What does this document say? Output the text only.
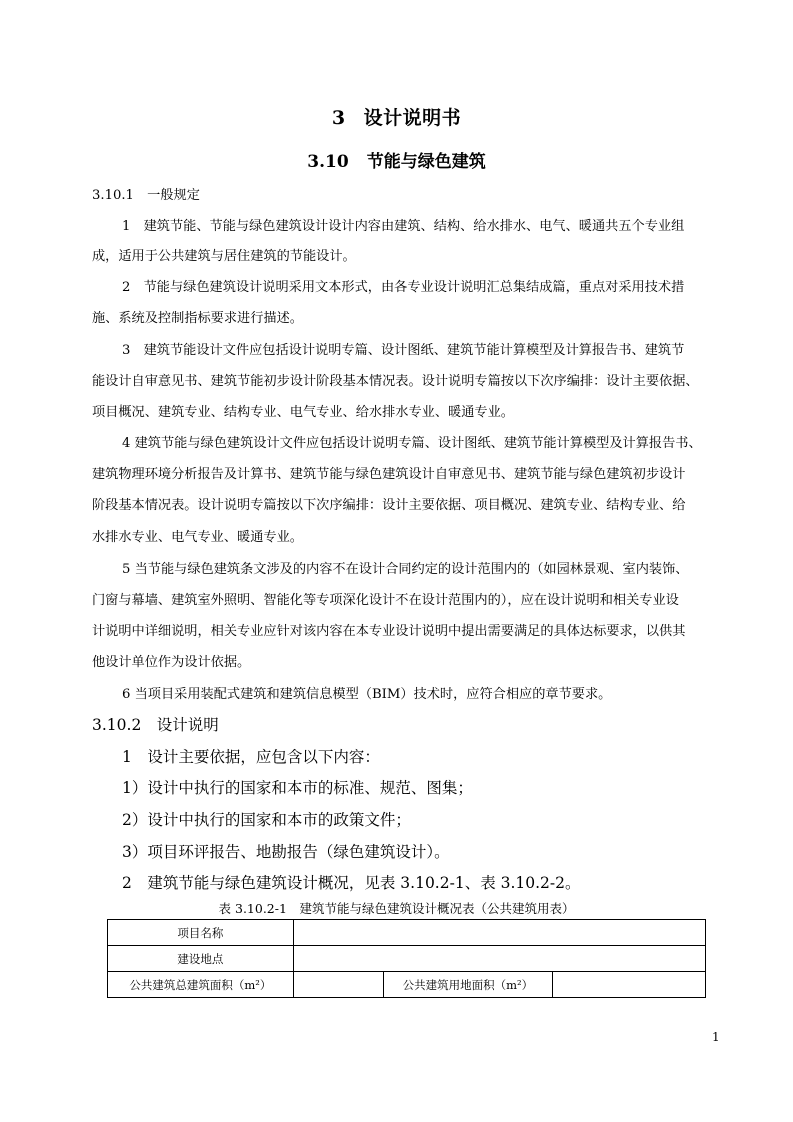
3 设计说明书
3.10 节能与绿色建筑
3.10.1　一般规定
1　建筑节能、节能与绿色建筑设计设计内容由建筑、结构、给水排水、电气、暖通共五个专业组
成，适用于公共建筑与居住建筑的节能设计。
2　节能与绿色建筑设计说明采用文本形式，由各专业设计说明汇总集结成篇，重点对采用技术措
施、系统及控制指标要求进行描述。
3　建筑节能设计文件应包括设计说明专篇、设计图纸、建筑节能计算模型及计算报告书、建筑节
能设计自审意见书、建筑节能初步设计阶段基本情况表。设计说明专篇按以下次序编排：设计主要依据、
项目概况、建筑专业、结构专业、电气专业、给水排水专业、暖通专业。
4 建筑节能与绿色建筑设计文件应包括设计说明专篇、设计图纸、建筑节能计算模型及计算报告书、
建筑物理环境分析报告及计算书、建筑节能与绿色建筑设计自审意见书、建筑节能与绿色建筑初步设计
阶段基本情况表。设计说明专篇按以下次序编排：设计主要依据、项目概况、建筑专业、结构专业、给
水排水专业、电气专业、暖通专业。
5 当节能与绿色建筑条文涉及的内容不在设计合同约定的设计范围内的（如园林景观、室内装饰、
门窗与幕墙、建筑室外照明、智能化等专项深化设计不在设计范围内的），应在设计说明和相关专业设
计说明中详细说明，相关专业应针对该内容在本专业设计说明中提出需要满足的具体达标要求，以供其
他设计单位作为设计依据。
6 当项目采用装配式建筑和建筑信息模型（BIM）技术时，应符合相应的章节要求。
3.10.2　设计说明
1　设计主要依据，应包含以下内容：
1）设计中执行的国家和本市的标准、规范、图集；
2）设计中执行的国家和本市的政策文件；
3）项目环评报告、地勘报告（绿色建筑设计）。
2　建筑节能与绿色建筑设计概况，见表 3.10.2-1、表 3.10.2-2。
表 3.10.2-1　建筑节能与绿色建筑设计概况表（公共建筑用表）
项目名称			
建设地点			
公共建筑总建筑面积（m²）		公共建筑用地面积（m²）	
1
